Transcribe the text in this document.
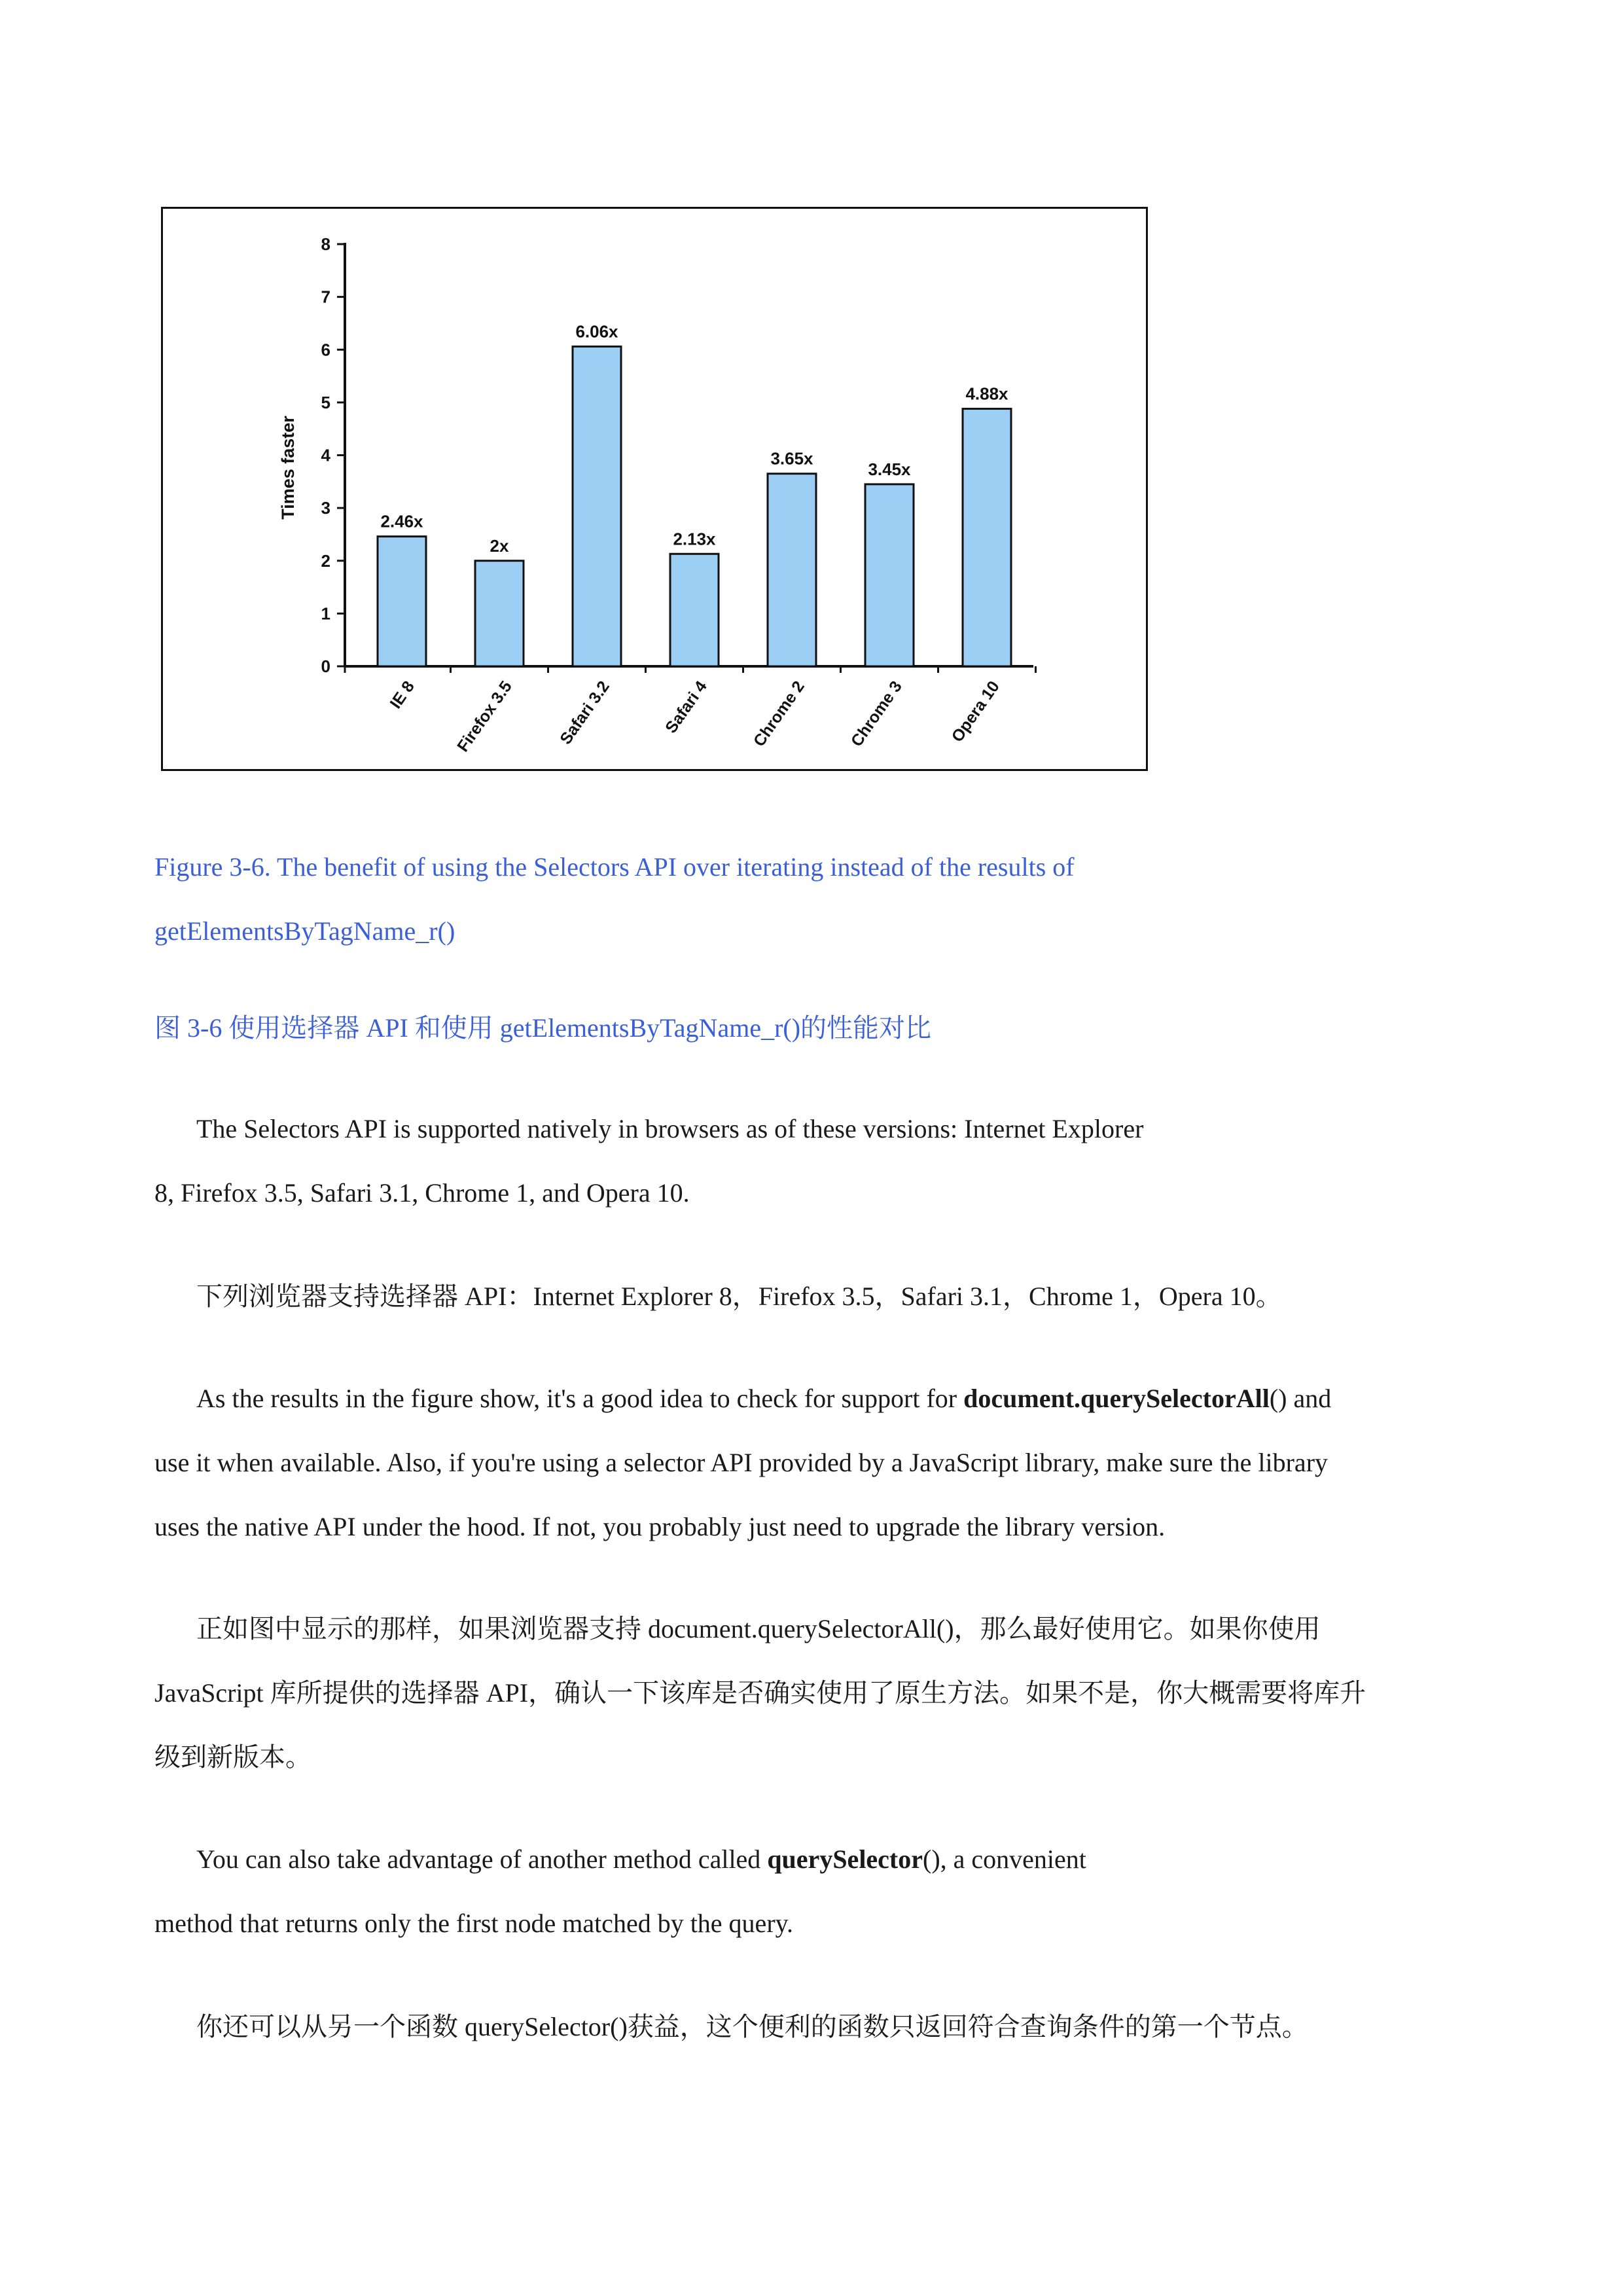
0
1
2
3
4
5
6
7
8
Times faster
2.46x
IE 8
2x
Firefox 3.5
6.06x
Safari 3.2
2.13x
Safari 4
3.65x
Chrome 2
3.45x
Chrome 3
4.88x
Opera 10
Figure 3-6. The benefit of using the Selectors API over iterating instead of the results of
getElementsByTagName_r()
图 3-6 使用选择器 API 和使用 getElementsByTagName_r()的性能对比
The Selectors API is supported natively in browsers as of these versions: Internet Explorer
8, Firefox 3.5, Safari 3.1, Chrome 1, and Opera 10.
下列浏览器支持选择器 API：Internet Explorer 8，Firefox 3.5，Safari 3.1，Chrome 1，Opera 10。
As the results in the figure show, it's a good idea to check for support for document.querySelectorAll() and
use it when available. Also, if you're using a selector API provided by a JavaScript library, make sure the library
uses the native API under the hood. If not, you probably just need to upgrade the library version.
正如图中显示的那样，如果浏览器支持 document.querySelectorAll()，那么最好使用它。如果你使用
JavaScript 库所提供的选择器 API，确认一下该库是否确实使用了原生方法。如果不是，你大概需要将库升
级到新版本。
You can also take advantage of another method called querySelector(), a convenient
method that returns only the first node matched by the query.
你还可以从另一个函数 querySelector()获益，这个便利的函数只返回符合查询条件的第一个节点。
